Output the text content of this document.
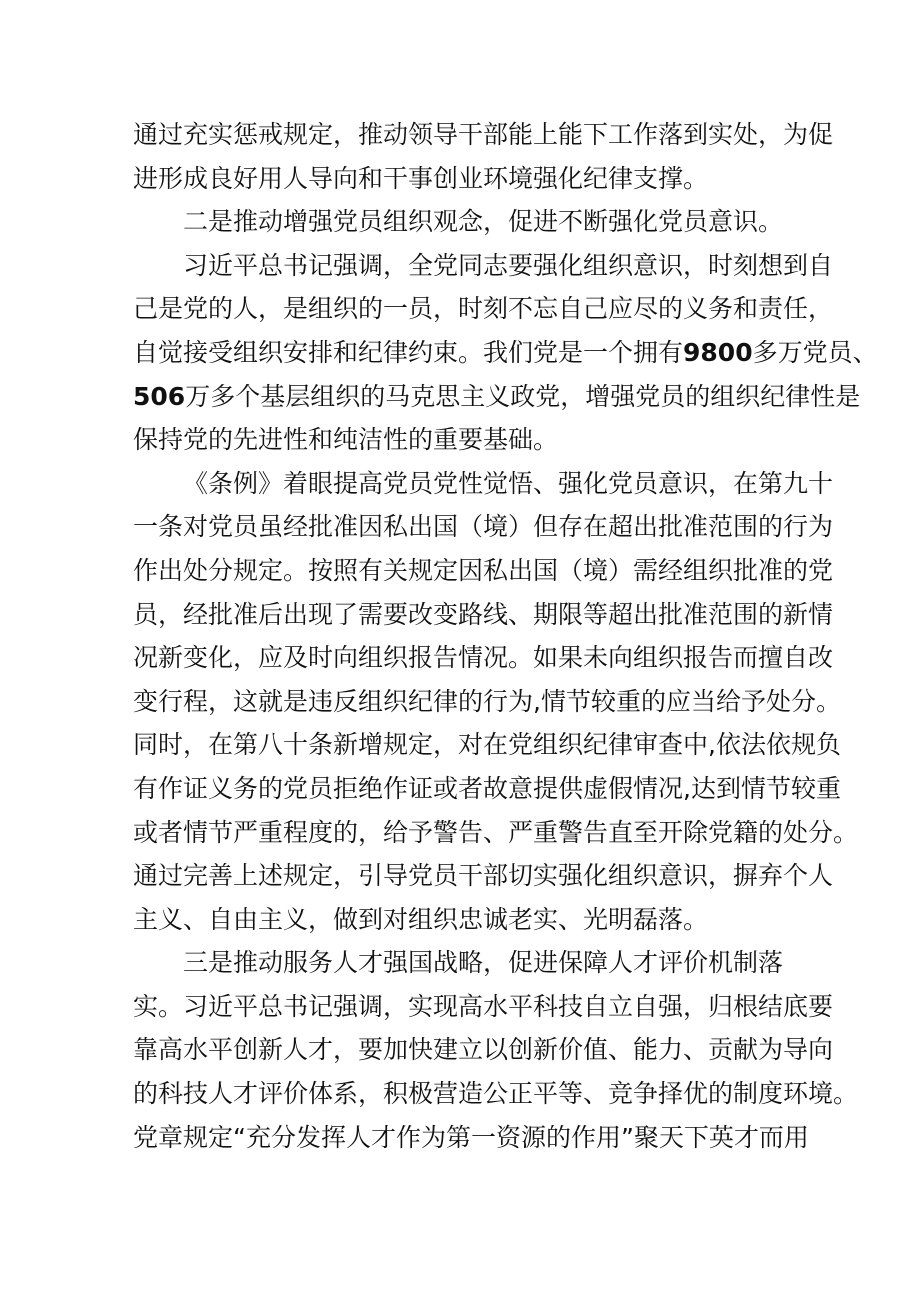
通过充实惩戒规定，推动领导干部能上能下工作落到实处，为促
进形成良好用人导向和干事创业环境强化纪律支撑。
二是推动增强党员组织观念，促进不断强化党员意识。
习近平总书记强调，全党同志要强化组织意识，时刻想到自
己是党的人，是组织的一员，时刻不忘自己应尽的义务和责任，
自觉接受组织安排和纪律约束。我们党是一个拥有9800多万党员、
506万多个基层组织的马克思主义政党，增强党员的组织纪律性是
保持党的先进性和纯洁性的重要基础。
《条例》着眼提高党员党性觉悟、强化党员意识，在第九十
一条对党员虽经批准因私出国（境）但存在超出批准范围的行为
作出处分规定。按照有关规定因私出国（境）需经组织批准的党
员，经批准后出现了需要改变路线、期限等超出批准范围的新情
况新变化，应及时向组织报告情况。如果未向组织报告而擅自改
变行程，这就是违反组织纪律的行为,情节较重的应当给予处分。
同时，在第八十条新增规定，对在党组织纪律审查中,依法依规负
有作证义务的党员拒绝作证或者故意提供虚假情况,达到情节较重
或者情节严重程度的，给予警告、严重警告直至开除党籍的处分。
通过完善上述规定，引导党员干部切实强化组织意识，摒弃个人
主义、自由主义，做到对组织忠诚老实、光明磊落。
三是推动服务人才强国战略，促进保障人才评价机制落
实。习近平总书记强调，实现高水平科技自立自强，归根结底要
靠高水平创新人才，要加快建立以创新价值、能力、贡献为导向
的科技人才评价体系，积极营造公正平等、竞争择优的制度环境。
党章规定“充分发挥人才作为第一资源的作用”聚天下英才而用
